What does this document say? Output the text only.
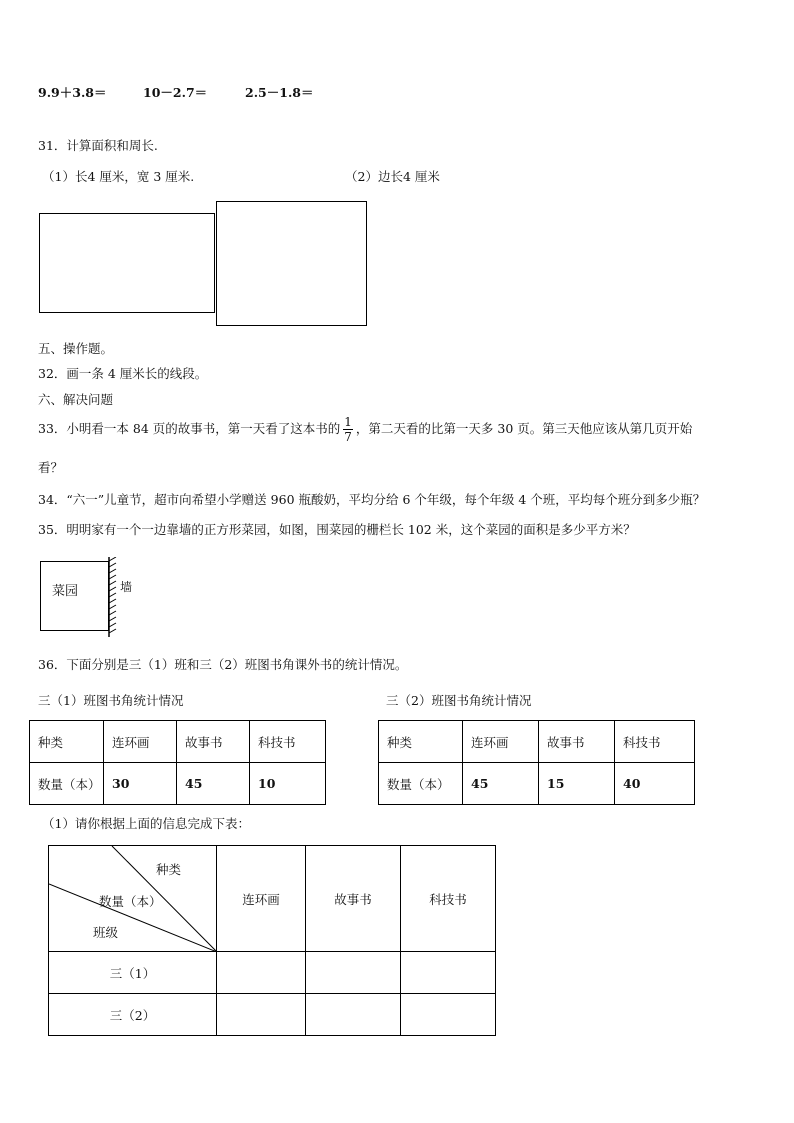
9.9＋3.8＝	10－2.7＝	2.5－1.8＝
31．计算面积和周长.
（1）长4 厘米，宽 3 厘米.	（2）边长4 厘米
五、操作题。
32．画一条 4 厘米长的线段。
六、解决问题
33．小明看一本 84 页的故事书，第一天看了这本书的 $\frac{1}{7}$ ，第二天看的比第一天多 30 页。第三天他应该从第几页开始
看？
34．“六一”儿童节，超市向希望小学赠送 960 瓶酸奶，平均分给 6 个年级，每个年级 4 个班，平均每个班分到多少瓶？
35．明明家有一个一边靠墙的正方形菜园，如图，围菜园的栅栏长 102 米，这个菜园的面积是多少平方米？
菜园	墙
36．下面分别是三（1）班和三（2）班图书角课外书的统计情况。
三（1）班图书角统计情况	三（2）班图书角统计情况
种类	连环画	故事书	科技书
数量（本）	30	45	10
种类	连环画	故事书	科技书
数量（本）	45	15	40
（1）请你根据上面的信息完成下表：
种类
数量（本）
班级	连环画	故事书	科技书
三（1）			
三（2）			
